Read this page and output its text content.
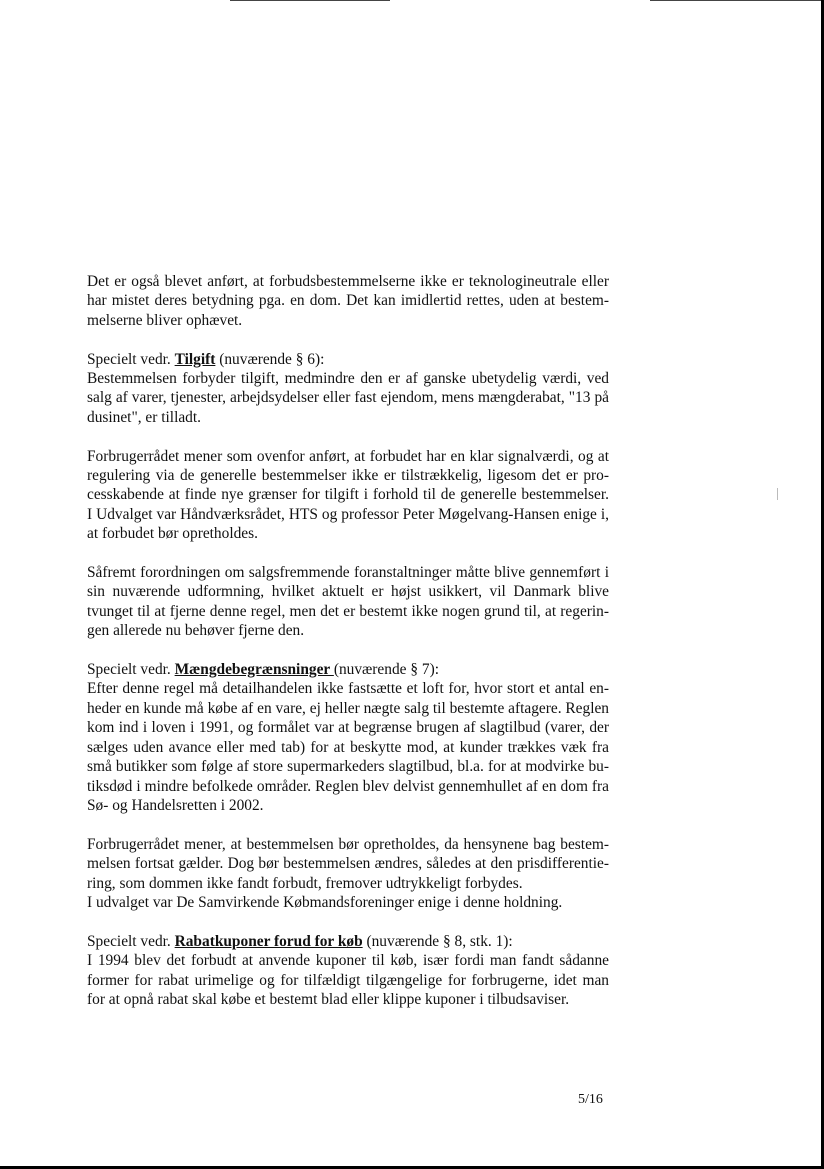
Det er også blevet anført, at forbudsbestemmelserne ikke er teknologineutrale eller
har mistet deres betydning pga. en dom. Det kan imidlertid rettes, uden at bestem-
melserne bliver ophævet.
Specielt vedr. Tilgift (nuværende § 6):
Bestemmelsen forbyder tilgift, medmindre den er af ganske ubetydelig værdi, ved
salg af varer, tjenester, arbejdsydelser eller fast ejendom, mens mængderabat, "13 på
dusinet", er tilladt.
Forbrugerrådet mener som ovenfor anført, at forbudet har en klar signalværdi, og at
regulering via de generelle bestemmelser ikke er tilstrækkelig, ligesom det er pro-
cesskabende at finde nye grænser for tilgift i forhold til de generelle bestemmelser.
I Udvalget var Håndværksrådet, HTS og professor Peter Møgelvang-Hansen enige i,
at forbudet bør opretholdes.
Såfremt forordningen om salgsfremmende foranstaltninger måtte blive gennemført i
sin nuværende udformning, hvilket aktuelt er højst usikkert, vil Danmark blive
tvunget til at fjerne denne regel, men det er bestemt ikke nogen grund til, at regerin-
gen allerede nu behøver fjerne den.
Specielt vedr. Mængdebegrænsninger (nuværende § 7):
Efter denne regel må detailhandelen ikke fastsætte et loft for, hvor stort et antal en-
heder en kunde må købe af en vare, ej heller nægte salg til bestemte aftagere. Reglen
kom ind i loven i 1991, og formålet var at begrænse brugen af slagtilbud (varer, der
sælges uden avance eller med tab) for at beskytte mod, at kunder trækkes væk fra
små butikker som følge af store supermarkeders slagtilbud, bl.a. for at modvirke bu-
tiksdød i mindre befolkede områder. Reglen blev delvist gennemhullet af en dom fra
Sø- og Handelsretten i 2002.
Forbrugerrådet mener, at bestemmelsen bør opretholdes, da hensynene bag bestem-
melsen fortsat gælder. Dog bør bestemmelsen ændres, således at den prisdifferentie-
ring, som dommen ikke fandt forbudt, fremover udtrykkeligt forbydes.
I udvalget var De Samvirkende Købmandsforeninger enige i denne holdning.
Specielt vedr. Rabatkuponer forud for køb (nuværende § 8, stk. 1):
I 1994 blev det forbudt at anvende kuponer til køb, især fordi man fandt sådanne
former for rabat urimelige og for tilfældigt tilgængelige for forbrugerne, idet man
for at opnå rabat skal købe et bestemt blad eller klippe kuponer i tilbudsaviser.
5/16
